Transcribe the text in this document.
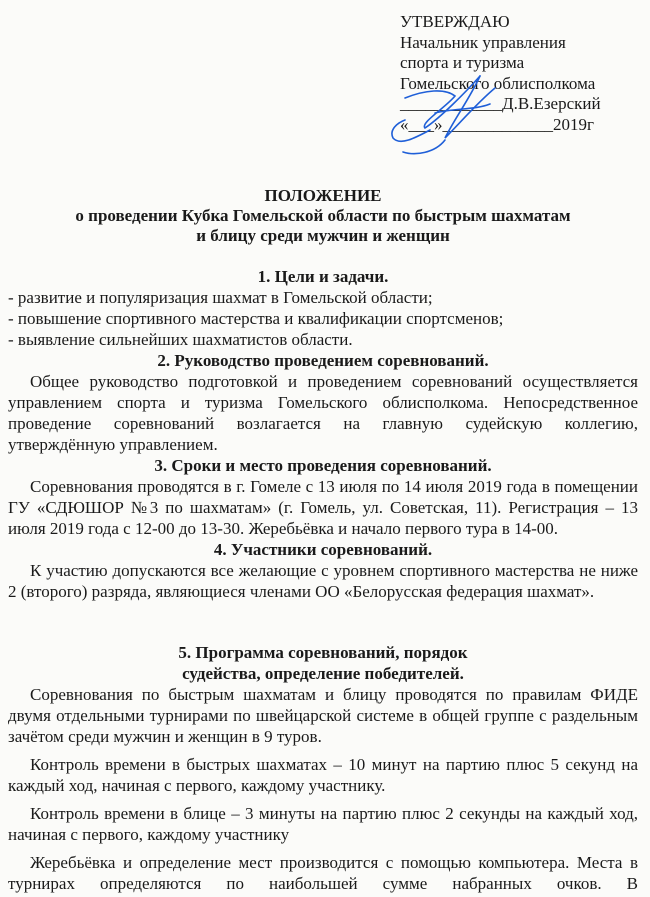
УТВЕРЖДАЮ
Начальник управления
спорта и туризма
Гомельского облисполкома
____________Д.В.Езерский
«___»_____________2019г
ПОЛОЖЕНИЕ
о проведении Кубка Гомельской области по быстрым шахматам
и блицу среди мужчин и женщин
1. Цели и задачи.
- развитие и популяризация шахмат в Гомельской области;
- повышение спортивного мастерства и квалификации спортсменов;
- выявление сильнейших шахматистов области.
2. Руководство проведением соревнований.
Общее руководство подготовкой и проведением соревнований осуществляется управлением спорта и туризма Гомельского облисполкома. Непосредственное проведение соревнований возлагается на главную судейскую коллегию, утверждённую управлением.
3. Сроки и место проведения соревнований.
Соревнования проводятся в г. Гомеле с 13 июля по 14 июля 2019 года в помещении ГУ «СДЮШОР №3 по шахматам» (г. Гомель, ул. Советская, 11). Регистрация – 13 июля 2019 года с 12-00 до 13-30. Жеребьёвка и начало первого тура в 14-00.
4. Участники соревнований.
К участию допускаются все желающие с уровнем спортивного мастерства не ниже 2 (второго) разряда, являющиеся членами ОО «Белорусская федерация шахмат».
5. Программа соревнований, порядок
судейства, определение победителей.
Соревнования по быстрым шахматам и блицу проводятся по правилам ФИДЕ двумя отдельными турнирами по швейцарской системе в общей группе с раздельным зачётом среди мужчин и женщин в 9 туров.
Контроль времени в быстрых шахматах – 10 минут на партию плюс 5 секунд на каждый ход, начиная с первого, каждому участнику.
Контроль времени в блице – 3 минуты на партию плюс 2 секунды на каждый ход, начиная с первого, каждому участнику
Жеребьёвка и определение мест производится с помощью компьютера. Места в турнирах определяются по наибольшей сумме набранных очков. В
